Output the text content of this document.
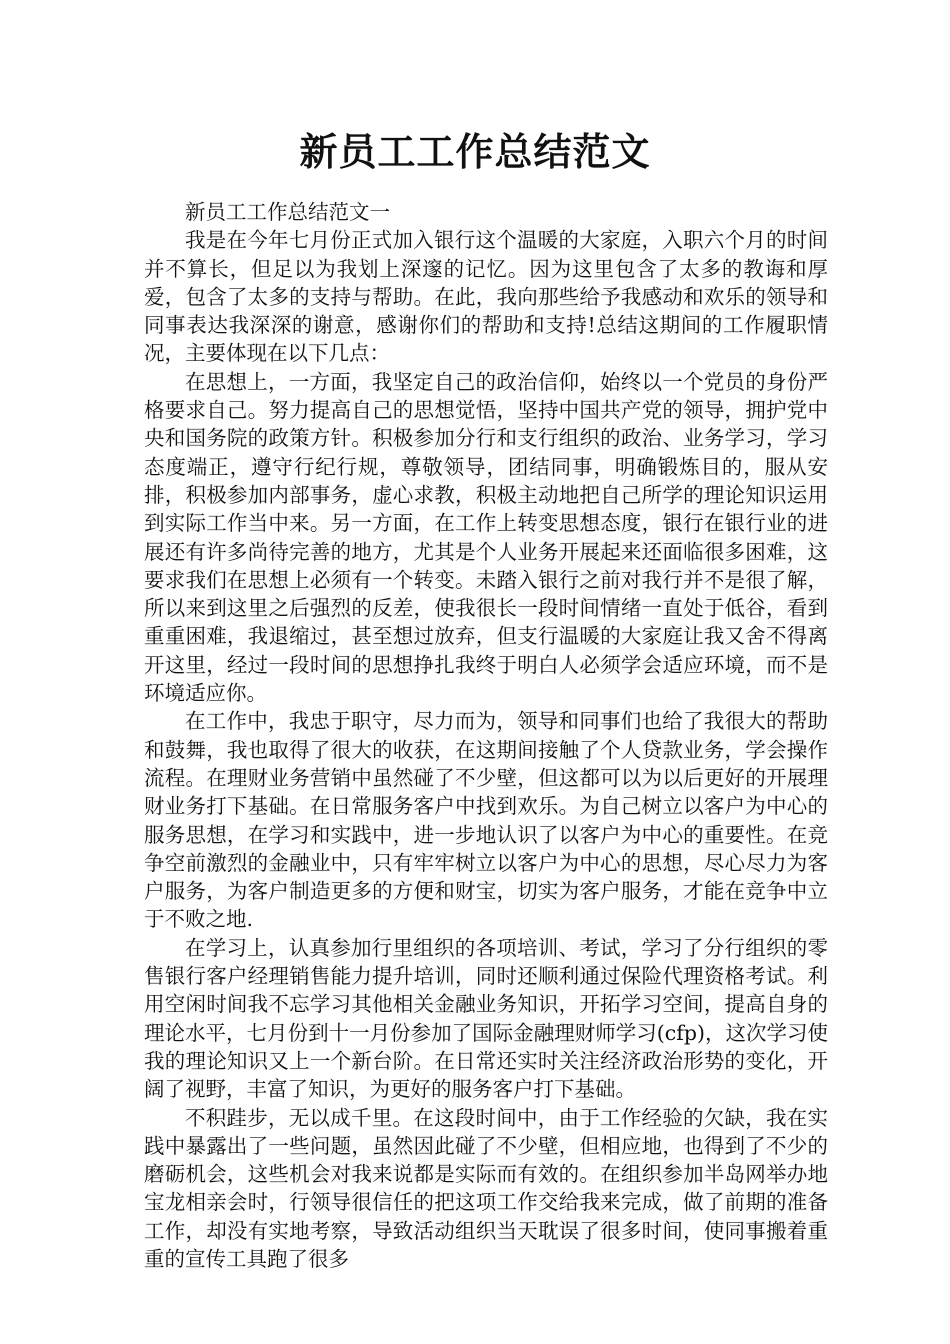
新员工工作总结范文

新员工工作总结范文一

我是在今年七月份正式加入银行这个温暖的大家庭，入职六个月的时间并不算长，但足以为我划上深邃的记忆。因为这里包含了太多的教诲和厚爱，包含了太多的支持与帮助。在此，我向那些给予我感动和欢乐的领导和同事表达我深深的谢意，感谢你们的帮助和支持!总结这期间的工作履职情况，主要体现在以下几点：

在思想上，一方面，我坚定自己的政治信仰，始终以一个党员的身份严格要求自己。努力提高自己的思想觉悟，坚持中国共产党的领导，拥护党中央和国务院的政策方针。积极参加分行和支行组织的政治、业务学习，学习态度端正，遵守行纪行规，尊敬领导，团结同事，明确锻炼目的，服从安排，积极参加内部事务，虚心求教，积极主动地把自己所学的理论知识运用到实际工作当中来。另一方面，在工作上转变思想态度，银行在银行业的进展还有许多尚待完善的地方，尤其是个人业务开展起来还面临很多困难，这要求我们在思想上必须有一个转变。未踏入银行之前对我行并不是很了解，所以来到这里之后强烈的反差，使我很长一段时间情绪一直处于低谷，看到重重困难，我退缩过，甚至想过放弃，但支行温暖的大家庭让我又舍不得离开这里，经过一段时间的思想挣扎我终于明白人必须学会适应环境，而不是环境适应你。

在工作中，我忠于职守，尽力而为，领导和同事们也给了我很大的帮助和鼓舞，我也取得了很大的收获，在这期间接触了个人贷款业务，学会操作流程。在理财业务营销中虽然碰了不少壁，但这都可以为以后更好的开展理财业务打下基础。在日常服务客户中找到欢乐。为自己树立以客户为中心的服务思想，在学习和实践中，进一步地认识了以客户为中心的重要性。在竞争空前激烈的金融业中，只有牢牢树立以客户为中心的思想，尽心尽力为客户服务，为客户制造更多的方便和财宝，切实为客户服务，才能在竞争中立于不败之地.

在学习上，认真参加行里组织的各项培训、考试，学习了分行组织的零售银行客户经理销售能力提升培训，同时还顺利通过保险代理资格考试。利用空闲时间我不忘学习其他相关金融业务知识，开拓学习空间，提高自身的理论水平，七月份到十一月份参加了国际金融理财师学习(cfp)，这次学习使我的理论知识又上一个新台阶。在日常还实时关注经济政治形势的变化，开阔了视野，丰富了知识，为更好的服务客户打下基础。

不积跬步，无以成千里。在这段时间中，由于工作经验的欠缺，我在实践中暴露出了一些问题，虽然因此碰了不少壁，但相应地，也得到了不少的磨砺机会，这些机会对我来说都是实际而有效的。在组织参加半岛网举办地宝龙相亲会时，行领导很信任的把这项工作交给我来完成，做了前期的准备工作，却没有实地考察，导致活动组织当天耽误了很多时间，使同事搬着重重的宣传工具跑了很多
